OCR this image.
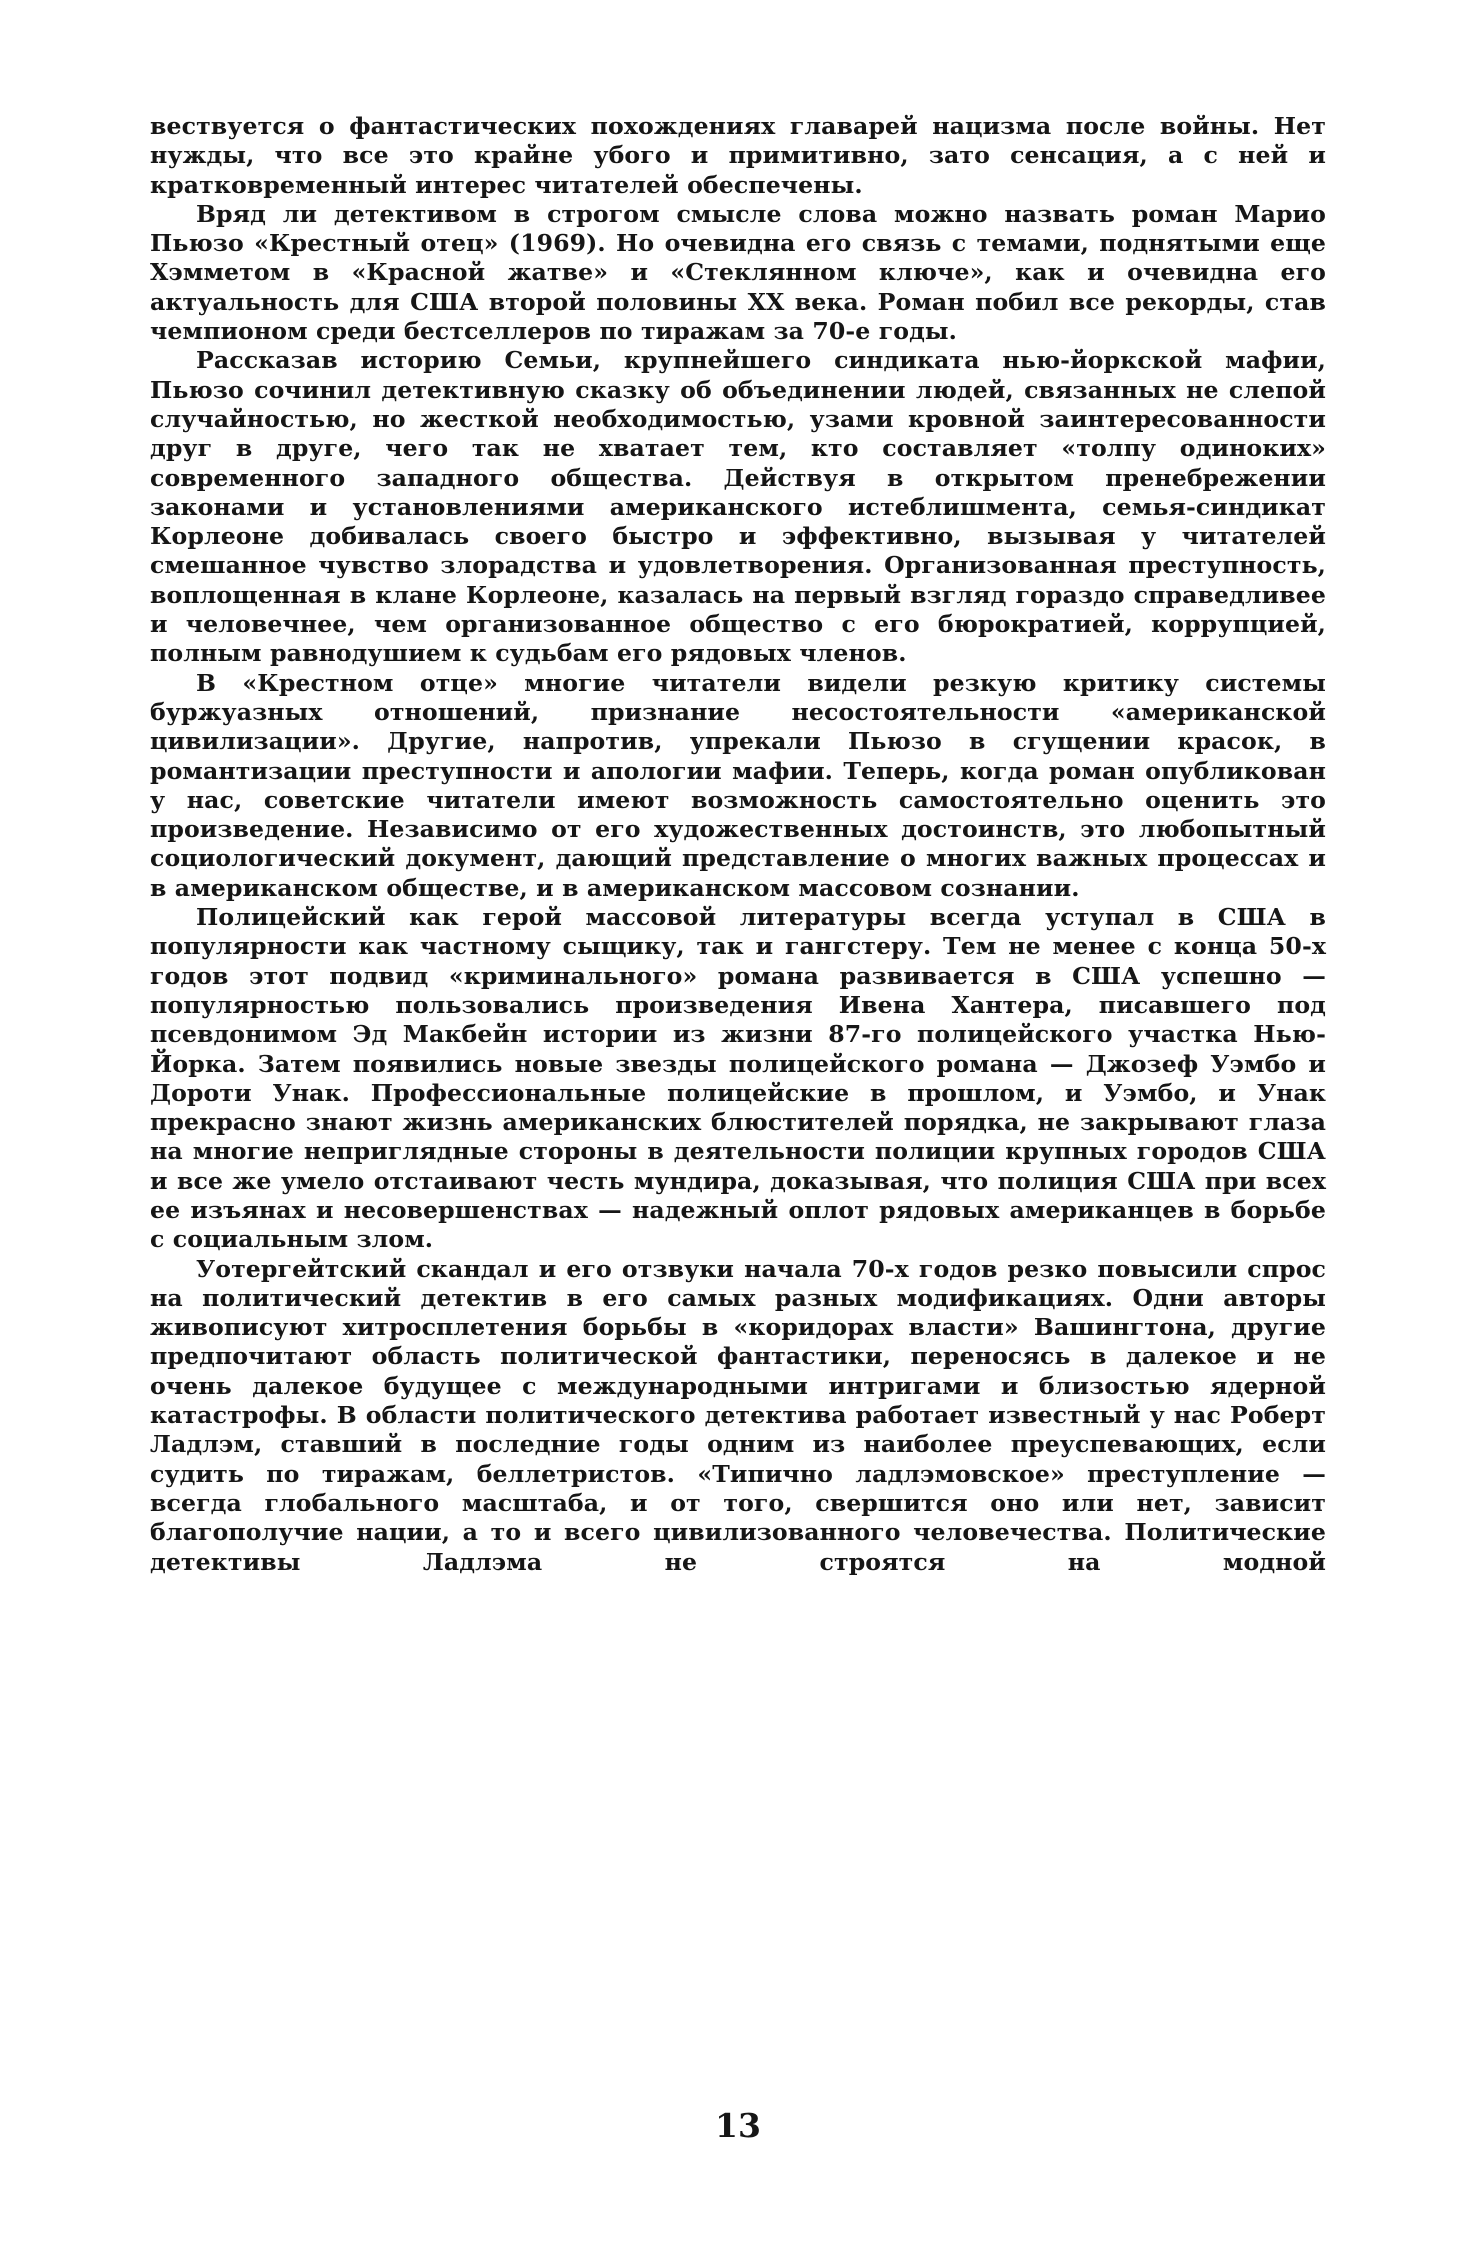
вествуется о фантастических похождениях главарей нацизма после войны. Нет нужды, что все это крайне убого и примитивно, зато сенсация, а с ней и кратковременный интерес читателей обеспечены.

Вряд ли детективом в строгом смысле слова можно назвать роман Марио Пьюзо «Крестный отец» (1969). Но очевидна его связь с темами, поднятыми еще Хэмметом в «Красной жатве» и «Стеклянном ключе», как и очевидна его актуальность для США второй половины XX века. Роман побил все рекорды, став чемпионом среди бестселлеров по тиражам за 70-е годы.

Рассказав историю Семьи, крупнейшего синдиката нью-йоркской мафии, Пьюзо сочинил детективную сказку об объединении людей, связанных не слепой случайностью, но жесткой необходимостью, узами кровной заинтересованности друг в друге, чего так не хватает тем, кто составляет «толпу одиноких» современного западного общества. Действуя в открытом пренебрежении законами и установлениями американского истеблишмента, семья-синдикат Корлеоне добивалась своего быстро и эффективно, вызывая у читателей смешанное чувство злорадства и удовлетворения. Организованная преступность, воплощенная в клане Корлеоне, казалась на первый взгляд гораздо справедливее и человечнее, чем организованное общество с его бюрократией, коррупцией, полным равнодушием к судьбам его рядовых членов.

В «Крестном отце» многие читатели видели резкую критику системы буржуазных отношений, признание несостоятельности «американской цивилизации». Другие, напротив, упрекали Пьюзо в сгущении красок, в романтизации преступности и апологии мафии. Теперь, когда роман опубликован у нас, советские читатели имеют возможность самостоятельно оценить это произведение. Независимо от его художественных достоинств, это любопытный социологический документ, дающий представление о многих важных процессах и в американском обществе, и в американском массовом сознании.

Полицейский как герой массовой литературы всегда уступал в США в популярности как частному сыщику, так и гангстеру. Тем не менее с конца 50-х годов этот подвид «криминального» романа развивается в США успешно — популярностью пользовались произведения Ивена Хантера, писавшего под псевдонимом Эд Макбейн истории из жизни 87-го полицейского участка Нью-Йорка. Затем появились новые звезды полицейского романа — Джозеф Уэмбо и Дороти Унак. Профессиональные полицейские в прошлом, и Уэмбо, и Унак прекрасно знают жизнь американских блюстителей порядка, не закрывают глаза на многие неприглядные стороны в деятельности полиции крупных городов США и все же умело отстаивают честь мундира, доказывая, что полиция США при всех ее изъянах и несовершенствах — надежный оплот рядовых американцев в борьбе с социальным злом.

Уотергейтский скандал и его отзвуки начала 70-х годов резко повысили спрос на политический детектив в его самых разных модификациях. Одни авторы живописуют хитросплетения борьбы в «коридорах власти» Вашингтона, другие предпочитают область политической фантастики, переносясь в далекое и не очень далекое будущее с международными интригами и близостью ядерной катастрофы. В области политического детектива работает известный у нас Роберт Ладлэм, ставший в последние годы одним из наиболее преуспевающих, если судить по тиражам, беллетристов. «Типично ладлэмовское» преступление — всегда глобального масштаба, и от того, свершится оно или нет, зависит благополучие нации, а то и всего цивилизованного человечества. Политические детективы Ладлэма не строятся на модной

13
